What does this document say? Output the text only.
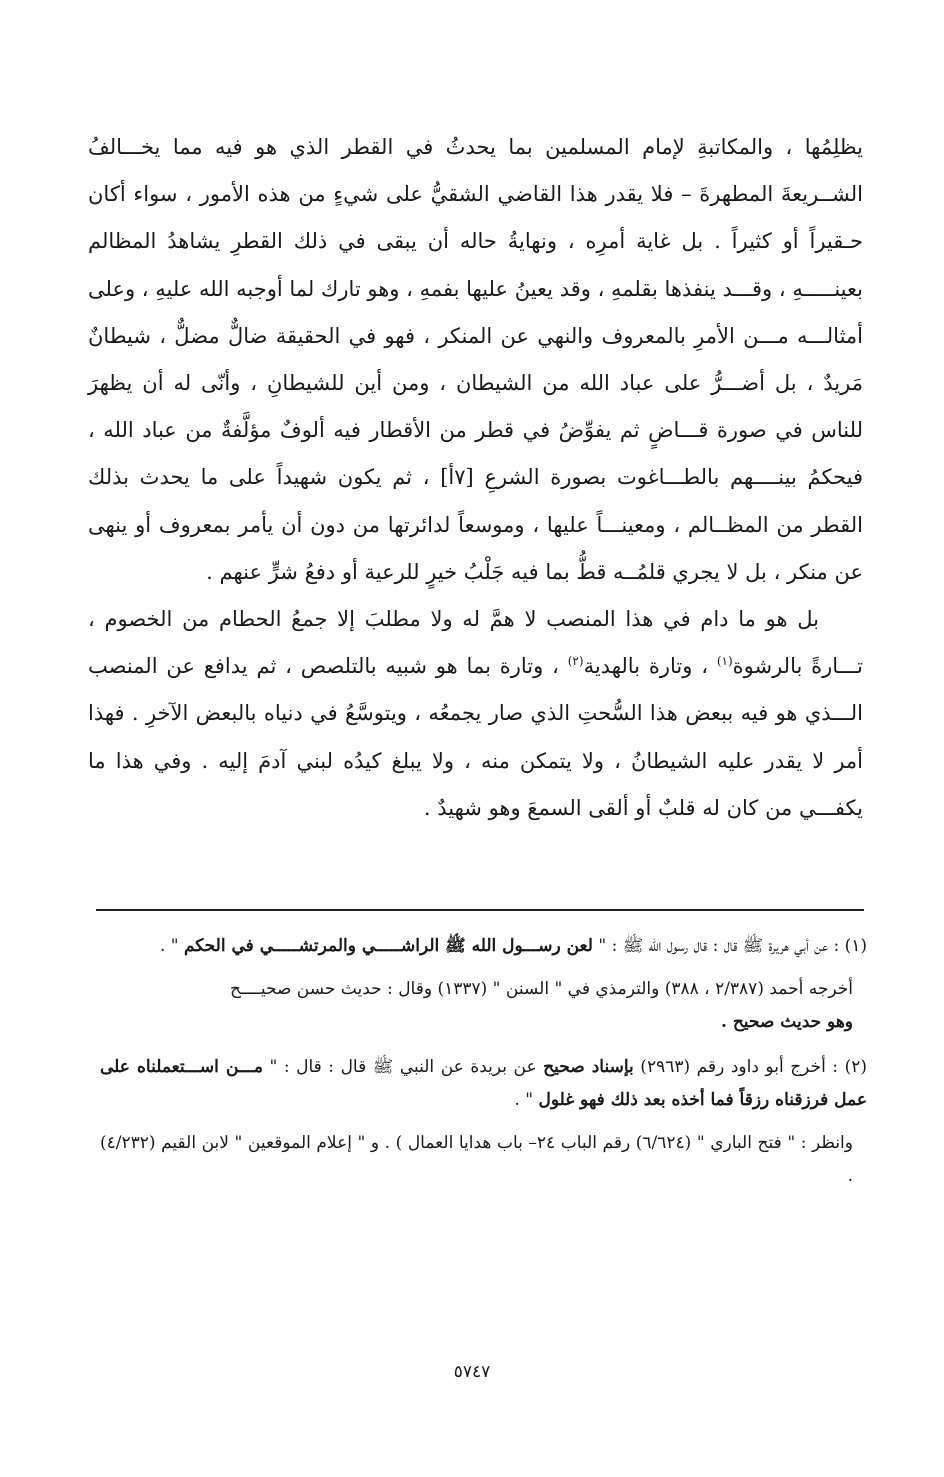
يظلِمُها ، والمكاتبةِ لإمام المسلمين بما يحدثُ في القطر الذي هو فيه مما يخـــالفُ الشــريعةَ المطهرةَ – فلا يقدر هذا القاضي الشقيُّ على شيءٍ من هذه الأمور ، سواء أكان حـقيراً أو كثيراً . بل غاية أمرِه ، ونهايةُ حاله أن يبقى في ذلك القطرِ يشاهدُ المظالم بعينـــــهِ ، وقـــد ينفذها بقلمهِ ، وقد يعينُ عليها بفمهِ ، وهو تارك لما أوجبه الله عليهِ ، وعلى أمثالـــه مـــن الأمرِ بالمعروف والنهي عن المنكر ، فهو في الحقيقة ضالٌّ مضلٌّ ، شيطانٌ مَريدٌ ، بل أضـــرُّ على عباد الله من الشيطان ، ومن أين للشيطانِ ، وأنّى له أن يظهرَ للناس في صورة قـــاضٍ ثم يفوِّضُ في قطر من الأقطار فيه ألوفٌ مؤلَّفةٌ من عباد الله ، فيحكمُ بينــــهم بالطـــاغوت بصورة الشرعِ [٧أ] ، ثم يكون شهيداً على ما يحدث بذلك القطر من المظــالم ، ومعينـــاً عليها ، وموسعاً لدائرتها من دون أن يأمر بمعروف أو ينهى عن منكر ، بل لا يجري قلمُــه قطُّ بما فيه جَلْبُ خيرٍ للرعية أو دفعُ شرٍّ عنهم .

بل هو ما دام في هذا المنصب لا همَّ له ولا مطلبَ إلا جمعُ الحطام من الخصوم ، تـــارةً بالرشوة$^{(١)}$ ، وتارة بالهدية$^{(٢)}$ ، وتارة بما هو شبيه بالتلصص ، ثم يدافع عن المنصب الـــذي هو فيه ببعض هذا السُّحتِ الذي صار يجمعُه ، ويتوسَّعُ في دنياه بالبعض الآخرِ . فهذا أمر لا يقدر عليه الشيطانُ ، ولا يتمكن منه ، ولا يبلغ كيدُه لبني آدمَ إليه . وفي هذا ما يكفـــي من كان له قلبٌ أو ألقى السمعَ وهو شهيدٌ .

(١) : عن أبي هريرة ﷺ قال : قال رسول الله ﷺ : " لعن رســـول الله ﷺ الراشـــــي والمرتشـــــي في الحكم " .

أخرجه أحمد (٢/٣٨٧ ، ٣٨٨) والترمذي في " السنن " (١٣٣٧) وقال : حديث حسن صحيــــح

وهو حديث صحيح .

(٢) : أخرج أبو داود رقم (٢٩٦٣) بإسناد صحيح عن بريدة عن النبي ﷺ قال : قال : " مـــن اســـتعملناه على عمل فرزقناه رزقاً فما أخذه بعد ذلك فهو غلول " .

وانظر : " فتح الباري " (٦/٦٢٤) رقم الباب ٢٤– باب هدايا العمال ) . و " إعلام الموقعين " لابن القيم (٤/٢٣٢) .

٥٧٤٧
